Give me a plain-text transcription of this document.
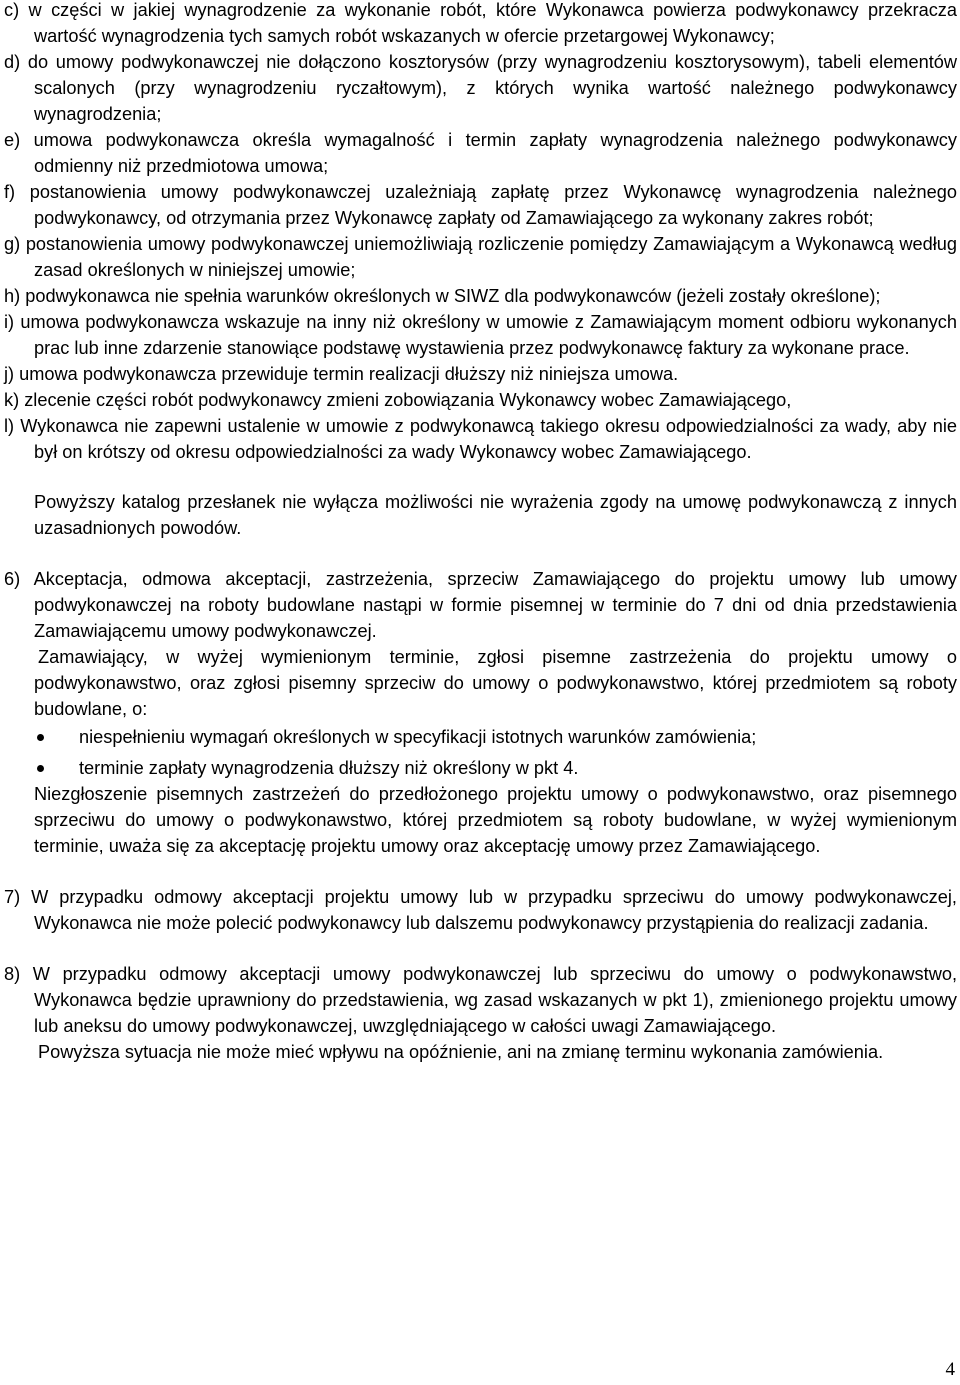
c) w części w jakiej wynagrodzenie za wykonanie robót, które Wykonawca powierza podwykonawcy przekracza wartość wynagrodzenia tych samych robót wskazanych w ofercie przetargowej Wykonawcy;

d) do umowy podwykonawczej nie dołączono kosztorysów (przy wynagrodzeniu kosztorysowym), tabeli elementów scalonych (przy wynagrodzeniu ryczałtowym), z których wynika wartość należnego podwykonawcy wynagrodzenia;

e) umowa podwykonawcza określa wymagalność i termin zapłaty wynagrodzenia należnego podwykonawcy odmienny niż przedmiotowa umowa;

f) postanowienia umowy podwykonawczej uzależniają zapłatę przez Wykonawcę wynagrodzenia należnego podwykonawcy, od otrzymania przez Wykonawcę zapłaty od Zamawiającego za wykonany zakres robót;

g) postanowienia umowy podwykonawczej uniemożliwiają rozliczenie pomiędzy Zamawiającym a Wykonawcą według zasad określonych w niniejszej umowie;

h) podwykonawca nie spełnia warunków określonych w SIWZ dla podwykonawców (jeżeli zostały określone);

i) umowa podwykonawcza wskazuje na inny niż określony w umowie z Zamawiającym moment odbioru wykonanych prac lub inne zdarzenie stanowiące podstawę wystawienia przez podwykonawcę faktury za wykonane prace.

j) umowa podwykonawcza przewiduje termin realizacji dłuższy niż niniejsza umowa.

k) zlecenie części robót podwykonawcy zmieni zobowiązania Wykonawcy wobec Zamawiającego,

l) Wykonawca nie zapewni ustalenie w umowie z podwykonawcą takiego okresu odpowiedzialności za wady, aby nie był on krótszy od okresu odpowiedzialności za wady Wykonawcy wobec Zamawiającego.

Powyższy katalog przesłanek nie wyłącza możliwości nie wyrażenia zgody na umowę podwykonawczą z innych uzasadnionych powodów.

6) Akceptacja, odmowa akceptacji, zastrzeżenia, sprzeciw Zamawiającego do projektu umowy lub umowy podwykonawczej na roboty budowlane nastąpi w formie pisemnej w terminie do 7 dni od dnia przedstawienia Zamawiającemu umowy podwykonawczej.

Zamawiający, w wyżej wymienionym terminie, zgłosi pisemne zastrzeżenia do projektu umowy o podwykonawstwo, oraz zgłosi pisemny sprzeciw do umowy o podwykonawstwo, której przedmiotem są roboty budowlane, o:

niespełnieniu wymagań określonych w specyfikacji istotnych warunków zamówienia;
terminie zapłaty wynagrodzenia dłuższy niż określony w pkt 4.

Niezgłoszenie pisemnych zastrzeżeń do przedłożonego projektu umowy o podwykonawstwo, oraz pisemnego sprzeciwu do umowy o podwykonawstwo, której przedmiotem są roboty budowlane, w wyżej wymienionym terminie, uważa się za akceptację projektu umowy oraz akceptację umowy przez Zamawiającego.

7) W przypadku odmowy akceptacji projektu umowy lub w przypadku sprzeciwu do umowy podwykonawczej, Wykonawca nie może polecić podwykonawcy lub dalszemu podwykonawcy przystąpienia do realizacji zadania.

8) W przypadku odmowy akceptacji umowy podwykonawczej lub sprzeciwu do umowy o podwykonawstwo, Wykonawca będzie uprawniony do przedstawienia, wg zasad wskazanych w pkt 1), zmienionego projektu umowy lub aneksu do umowy podwykonawczej, uwzględniającego w całości uwagi Zamawiającego.

Powyższa sytuacja nie może mieć wpływu na opóźnienie, ani na zmianę terminu wykonania zamówienia.

4
